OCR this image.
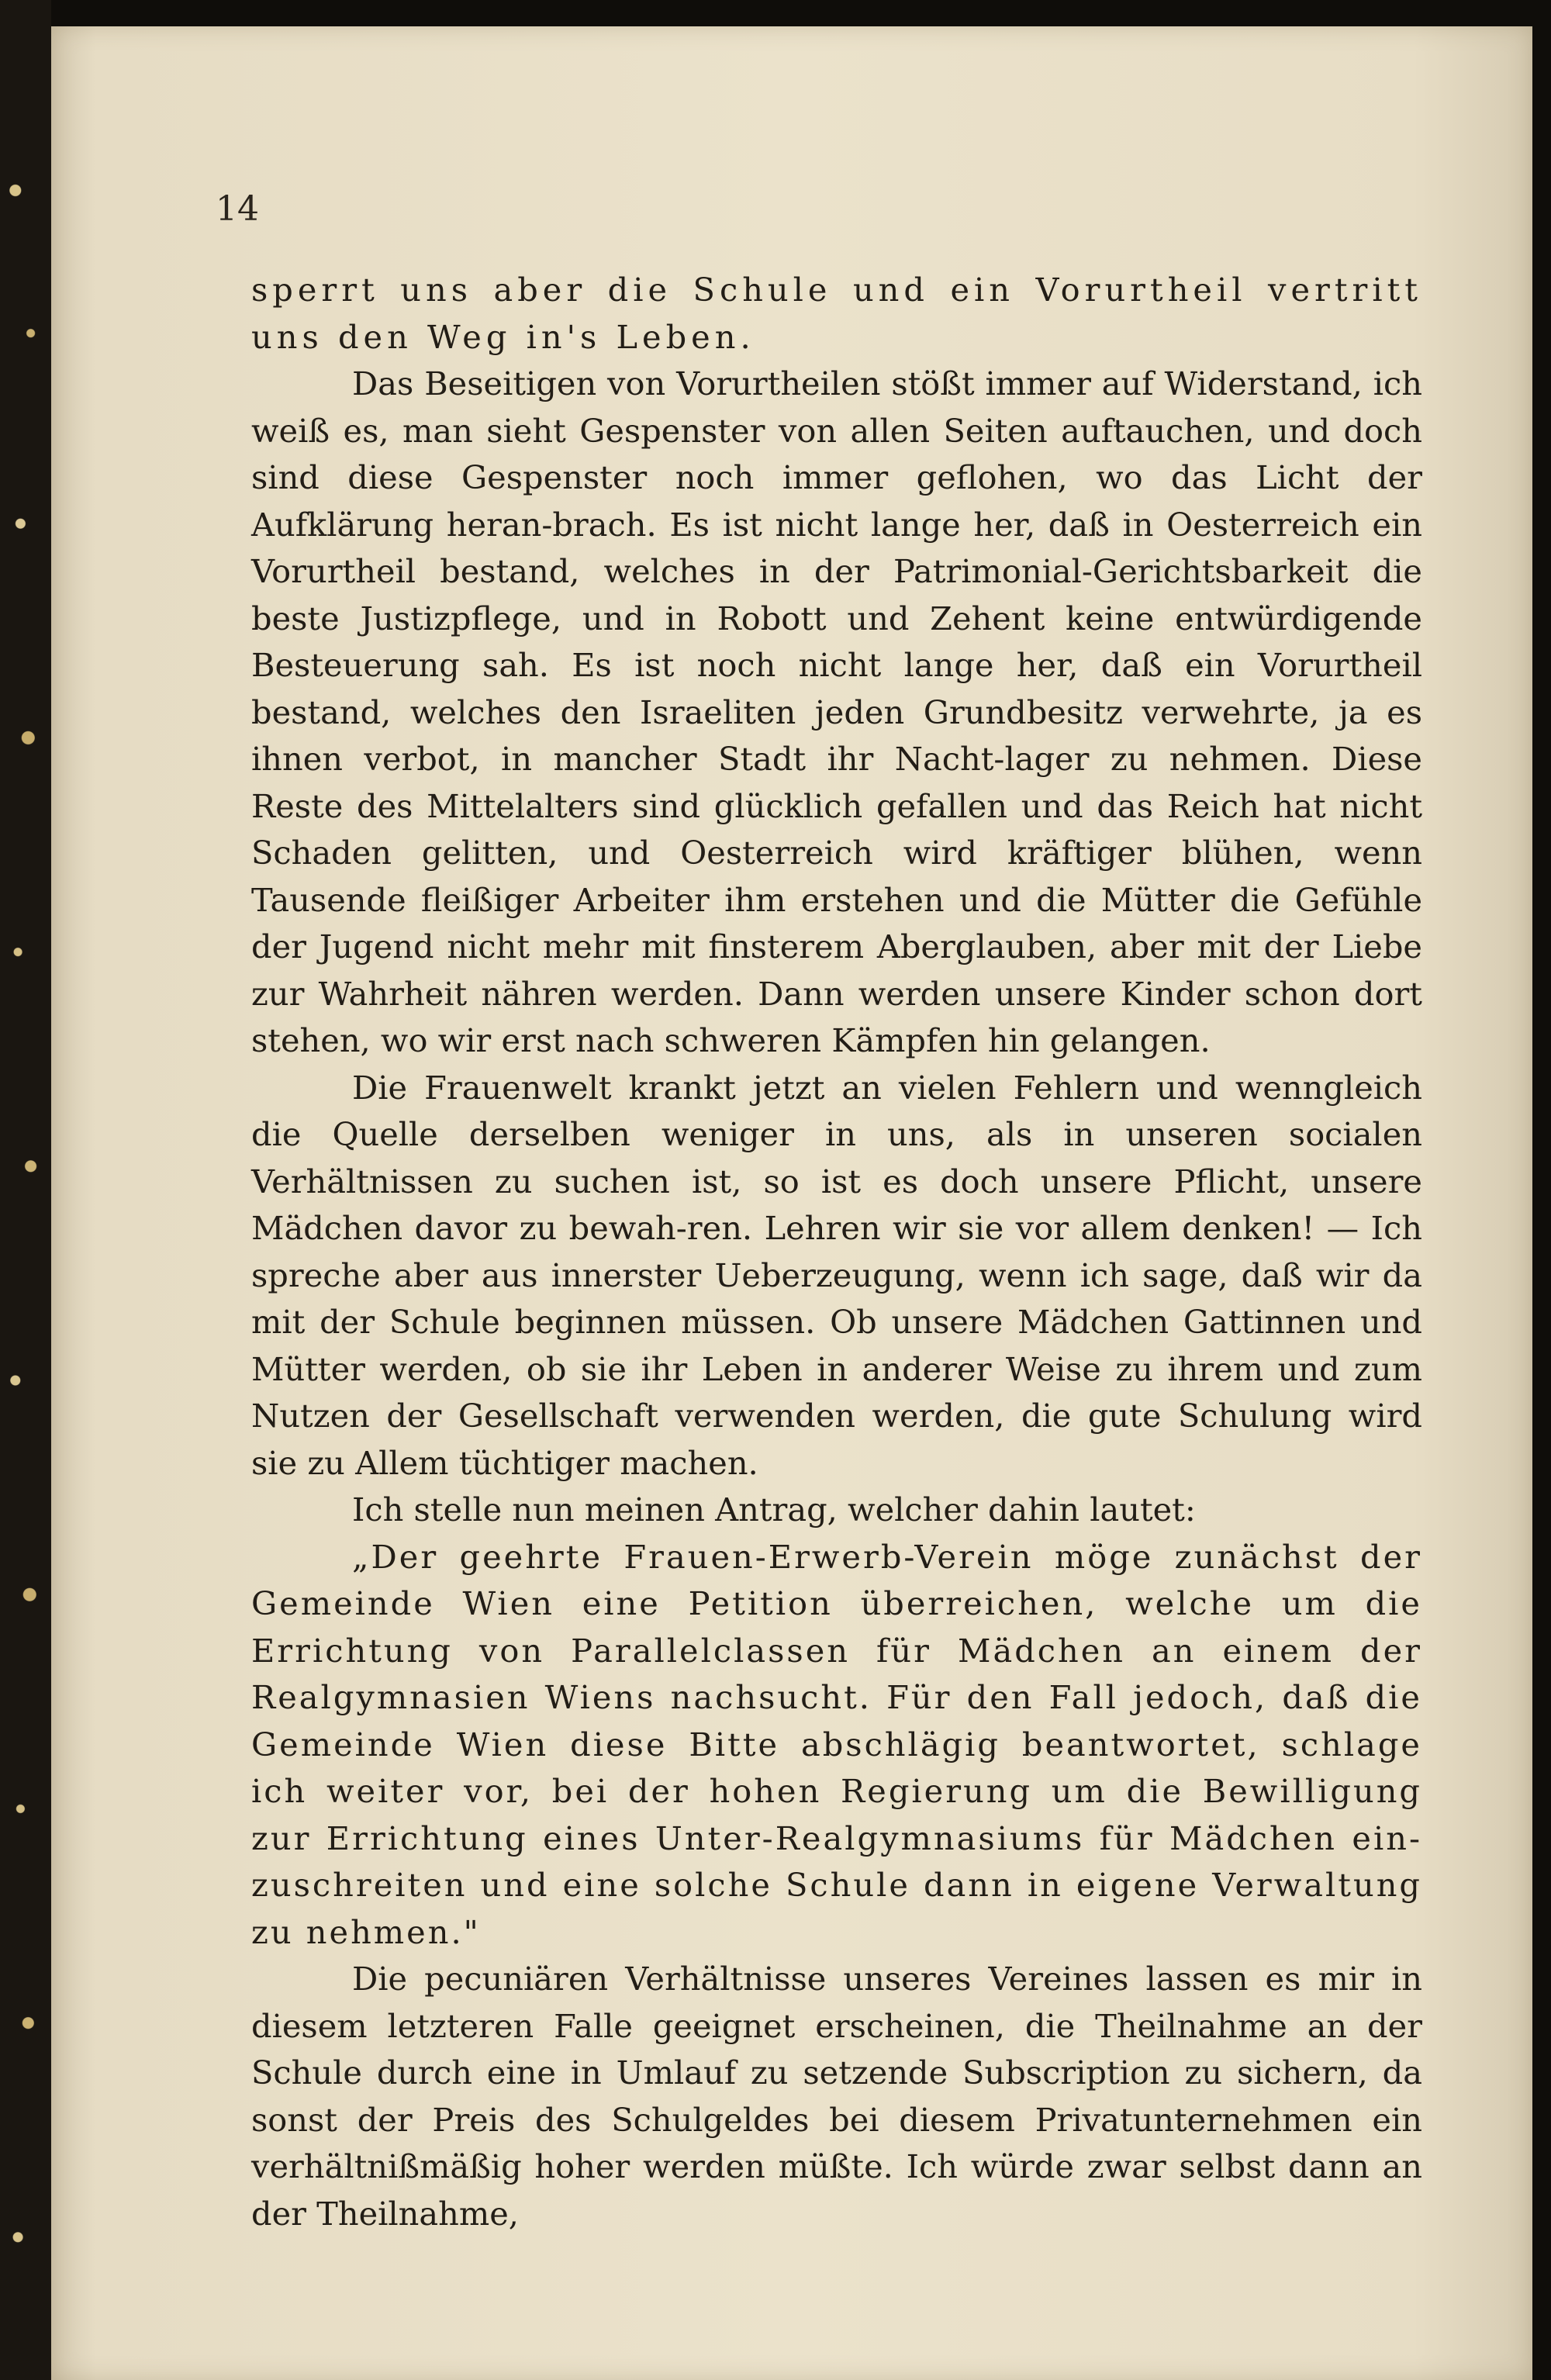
14

sperrt uns aber die Schule und ein Vorurtheil vertritt uns den Weg in's Leben.

Das Beseitigen von Vorurtheilen stößt immer auf Widerstand, ich weiß es, man sieht Gespenster von allen Seiten auftauchen, und doch sind diese Gespenster noch immer geflohen, wo das Licht der Aufklärung heran-brach. Es ist nicht lange her, daß in Oesterreich ein Vorurtheil bestand, welches in der Patrimonial-Gerichtsbarkeit die beste Justizpflege, und in Robott und Zehent keine entwürdigende Besteuerung sah. Es ist noch nicht lange her, daß ein Vorurtheil bestand, welches den Israeliten jeden Grundbesitz verwehrte, ja es ihnen verbot, in mancher Stadt ihr Nacht-lager zu nehmen. Diese Reste des Mittelalters sind glücklich gefallen und das Reich hat nicht Schaden gelitten, und Oesterreich wird kräftiger blühen, wenn Tausende fleißiger Arbeiter ihm erstehen und die Mütter die Gefühle der Jugend nicht mehr mit finsterem Aberglauben, aber mit der Liebe zur Wahrheit nähren werden. Dann werden unsere Kinder schon dort stehen, wo wir erst nach schweren Kämpfen hin gelangen.

Die Frauenwelt krankt jetzt an vielen Fehlern und wenngleich die Quelle derselben weniger in uns, als in unseren socialen Verhältnissen zu suchen ist, so ist es doch unsere Pflicht, unsere Mädchen davor zu bewah-ren. Lehren wir sie vor allem denken! — Ich spreche aber aus innerster Ueberzeugung, wenn ich sage, daß wir da mit der Schule beginnen müssen. Ob unsere Mädchen Gattinnen und Mütter werden, ob sie ihr Leben in anderer Weise zu ihrem und zum Nutzen der Gesellschaft verwenden werden, die gute Schulung wird sie zu Allem tüchtiger machen.

Ich stelle nun meinen Antrag, welcher dahin lautet:

„Der geehrte Frauen-Erwerb-Verein möge zunächst der Gemeinde Wien eine Petition überreichen, welche um die Errichtung von Parallelclassen für Mädchen an einem der Realgymnasien Wiens nachsucht. Für den Fall jedoch, daß die Gemeinde Wien diese Bitte abschlägig beantwortet, schlage ich weiter vor, bei der hohen Regierung um die Bewilligung zur Errichtung eines Unter-Realgymnasiums für Mädchen ein-zuschreiten und eine solche Schule dann in eigene Verwaltung zu nehmen."

Die pecuniären Verhältnisse unseres Vereines lassen es mir in diesem letzteren Falle geeignet erscheinen, die Theilnahme an der Schule durch eine in Umlauf zu setzende Subscription zu sichern, da sonst der Preis des Schulgeldes bei diesem Privatunternehmen ein verhältnißmäßig hoher werden müßte. Ich würde zwar selbst dann an der Theilnahme,
